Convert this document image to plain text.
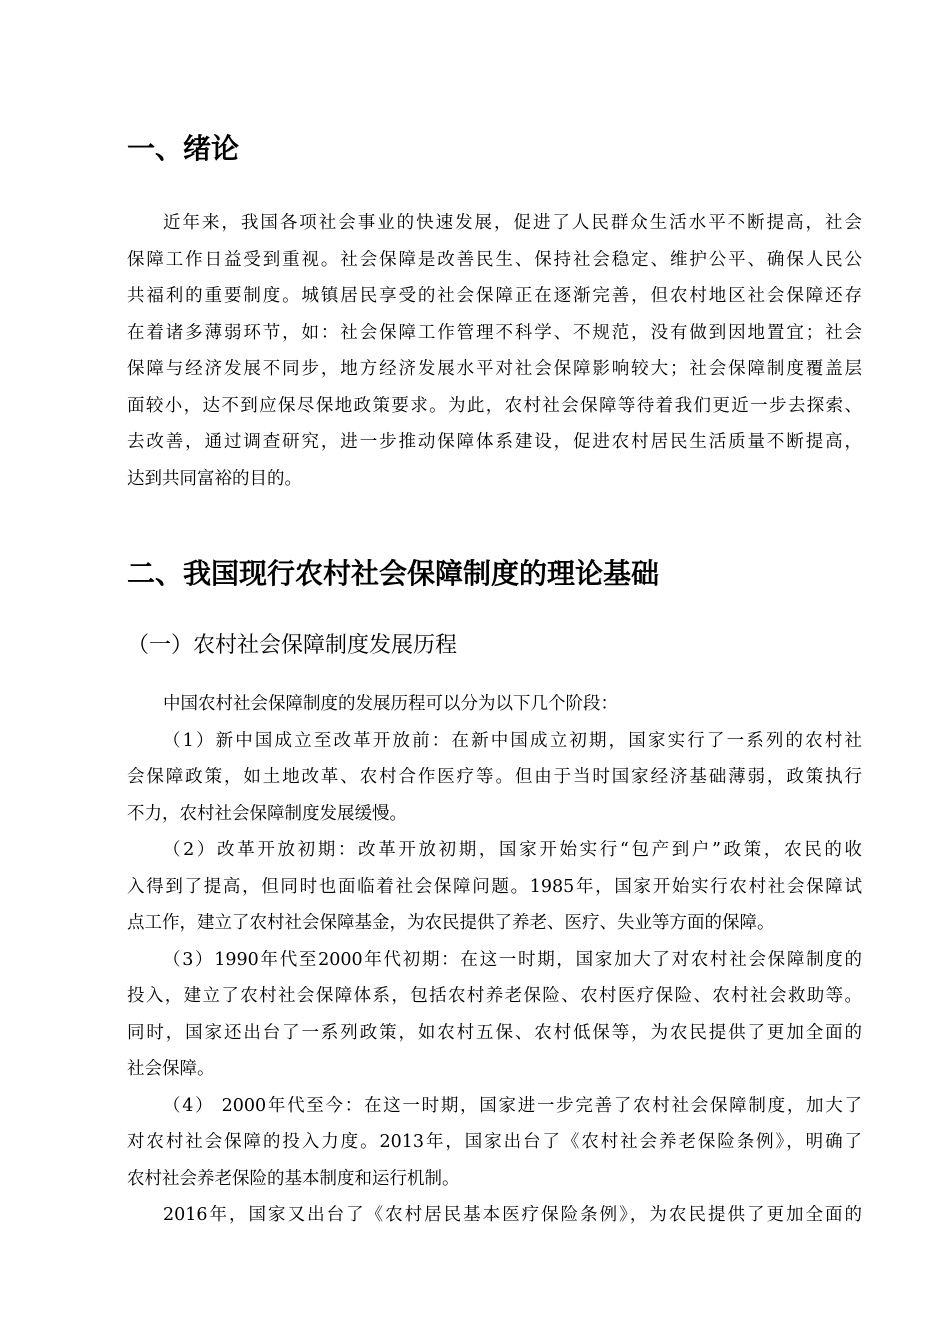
一、绪论
近年来，我国各项社会事业的快速发展，促进了人民群众生活水平不断提高，社会
保障工作日益受到重视。社会保障是改善民生、保持社会稳定、维护公平、确保人民公
共福利的重要制度。城镇居民享受的社会保障正在逐渐完善，但农村地区社会保障还存
在着诸多薄弱环节，如：社会保障工作管理不科学、不规范，没有做到因地置宜；社会
保障与经济发展不同步，地方经济发展水平对社会保障影响较大；社会保障制度覆盖层
面较小，达不到应保尽保地政策要求。为此，农村社会保障等待着我们更近一步去探索、
去改善，通过调查研究，进一步推动保障体系建设，促进农村居民生活质量不断提高，
达到共同富裕的目的。
二、我国现行农村社会保障制度的理论基础
（一）农村社会保障制度发展历程
中国农村社会保障制度的发展历程可以分为以下几个阶段：
（1）新中国成立至改革开放前：在新中国成立初期，国家实行了一系列的农村社
会保障政策，如土地改革、农村合作医疗等。但由于当时国家经济基础薄弱，政策执行
不力，农村社会保障制度发展缓慢。
（2）改革开放初期：改革开放初期，国家开始实行“包产到户”政策，农民的收
入得到了提高，但同时也面临着社会保障问题。1985年，国家开始实行农村社会保障试
点工作，建立了农村社会保障基金，为农民提供了养老、医疗、失业等方面的保障。
（3）1990年代至2000年代初期：在这一时期，国家加大了对农村社会保障制度的
投入，建立了农村社会保障体系，包括农村养老保险、农村医疗保险、农村社会救助等。
同时，国家还出台了一系列政策，如农村五保、农村低保等，为农民提供了更加全面的
社会保障。
（4） 2000年代至今：在这一时期，国家进一步完善了农村社会保障制度，加大了
对农村社会保障的投入力度。2013年，国家出台了《农村社会养老保险条例》，明确了
农村社会养老保险的基本制度和运行机制。
2016年，国家又出台了《农村居民基本医疗保险条例》，为农民提供了更加全面的
